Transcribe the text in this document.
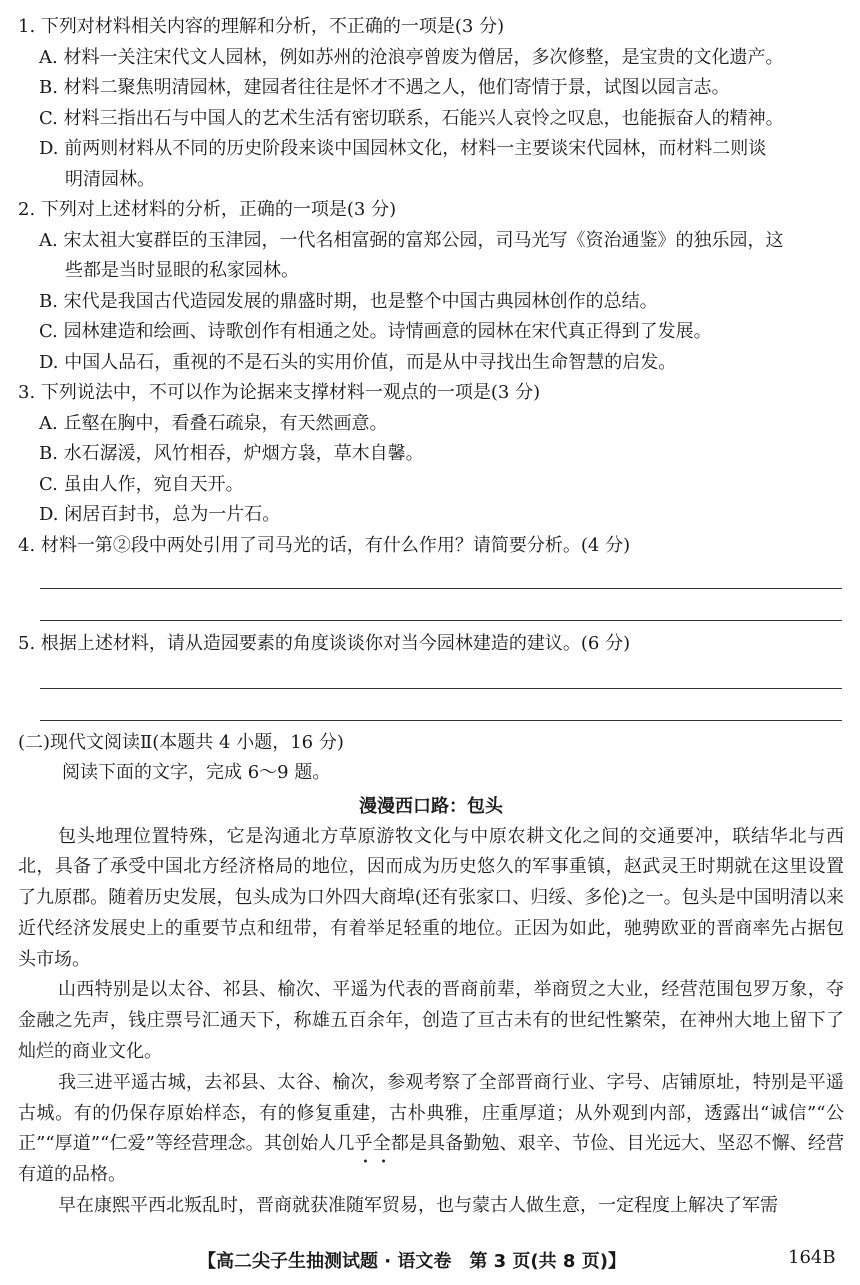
1. 下列对材料相关内容的理解和分析，不正确的一项是(3 分)
A. 材料一关注宋代文人园林，例如苏州的沧浪亭曾废为僧居，多次修整，是宝贵的文化遗产。
B. 材料二聚焦明清园林，建园者往往是怀才不遇之人，他们寄情于景，试图以园言志。
C. 材料三指出石与中国人的艺术生活有密切联系，石能兴人哀怜之叹息，也能振奋人的精神。
D. 前两则材料从不同的历史阶段来谈中国园林文化，材料一主要谈宋代园林，而材料二则谈
明清园林。
2. 下列对上述材料的分析，正确的一项是(3 分)
A. 宋太祖大宴群臣的玉津园，一代名相富弼的富郑公园，司马光写《资治通鉴》的独乐园，这
些都是当时显眼的私家园林。
B. 宋代是我国古代造园发展的鼎盛时期，也是整个中国古典园林创作的总结。
C. 园林建造和绘画、诗歌创作有相通之处。诗情画意的园林在宋代真正得到了发展。
D. 中国人品石，重视的不是石头的实用价值，而是从中寻找出生命智慧的启发。
3. 下列说法中，不可以作为论据来支撑材料一观点的一项是(3 分)
A. 丘壑在胸中，看叠石疏泉，有天然画意。
B. 水石潺湲，风竹相吞，炉烟方袅，草木自馨。
C. 虽由人作，宛自天开。
D. 闲居百封书，总为一片石。
4. 材料一第②段中两处引用了司马光的话，有什么作用？请简要分析。(4 分)
5. 根据上述材料，请从造园要素的角度谈谈你对当今园林建造的建议。(6 分)
(二)现代文阅读Ⅱ(本题共 4 小题，16 分)
阅读下面的文字，完成 6～9 题。
漫漫西口路：包头

包头地理位置特殊，它是沟通北方草原游牧文化与中原农耕文化之间的交通要冲，联结华北与西北，具备了承受中国北方经济格局的地位，因而成为历史悠久的军事重镇，赵武灵王时期就在这里设置了九原郡。随着历史发展，包头成为口外四大商埠(还有张家口、归绥、多伦)之一。包头是中国明清以来近代经济发展史上的重要节点和纽带，有着举足轻重的地位。正因为如此，驰骋欧亚的晋商率先占据包头市场。

山西特别是以太谷、祁县、榆次、平遥为代表的晋商前辈，举商贸之大业，经营范围包罗万象，夺金融之先声，钱庄票号汇通天下，称雄五百余年，创造了亘古未有的世纪性繁荣，在神州大地上留下了灿烂的商业文化。

我三进平遥古城，去祁县、太谷、榆次，参观考察了全部晋商行业、字号、店铺原址，特别是平遥古城。有的仍保存原始样态，有的修复重建，古朴典雅，庄重厚道；从外观到内部，透露出“诚信”“公正”“厚道”“仁爱”等经营理念。其创始人几乎全都是具备勤勉、艰辛、节俭、目光远大、坚忍不懈、经营有道的品格。

早在康熙平西北叛乱时，晋商就获准随军贸易，也与蒙古人做生意，一定程度上解决了军需

【高二尖子生抽测试题 · 语文卷　第 3 页(共 8 页)】	164B
